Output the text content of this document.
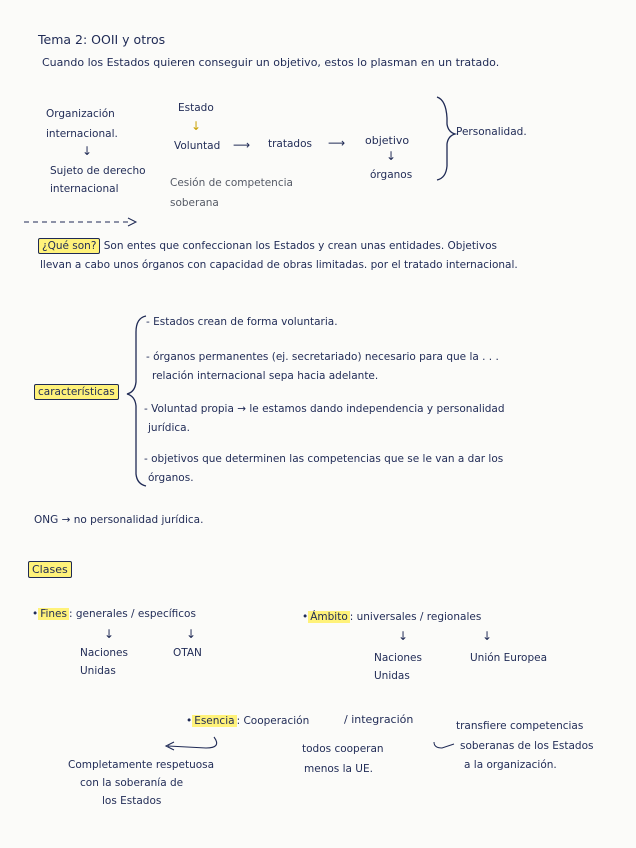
Tema 2: OOII y otros
Cuando los Estados quieren conseguir un objetivo, estos lo plasman en un tratado.
Organización internacional.
↓
Sujeto de derecho internacional
Estado
↓
Voluntad ⟶ tratados ⟶ objetivo
↓
órganos
Cesión de competencia soberana
Personalidad.
¿Qué son? Son entes que confeccionan los Estados y crean unas entidades. Objetivos
llevan a cabo unos órganos con capacidad de obras limitadas. por el tratado internacional.
características
- Estados crean de forma voluntaria.
- órganos permanentes (ej. secretariado) necesario para que la . . .
relación internacional sepa hacia adelante.
- Voluntad propia → le estamos dando independencia y personalidad
jurídica.
- objetivos que determinen las competencias que se le van a dar los
órganos.
ONG → no personalidad jurídica.
Clases
• Fines : generales / específicos
↓	↓
Naciones Unidas
OTAN
• Ámbito : universales / regionales
↓	↓
Naciones Unidas
Unión Europea
• Esencia : Cooperación	/ integración	transfiere competencias
soberanas de los Estados
a la organización.
todos cooperan
menos la UE.
Completamente respetuosa
con la soberanía de
los Estados
